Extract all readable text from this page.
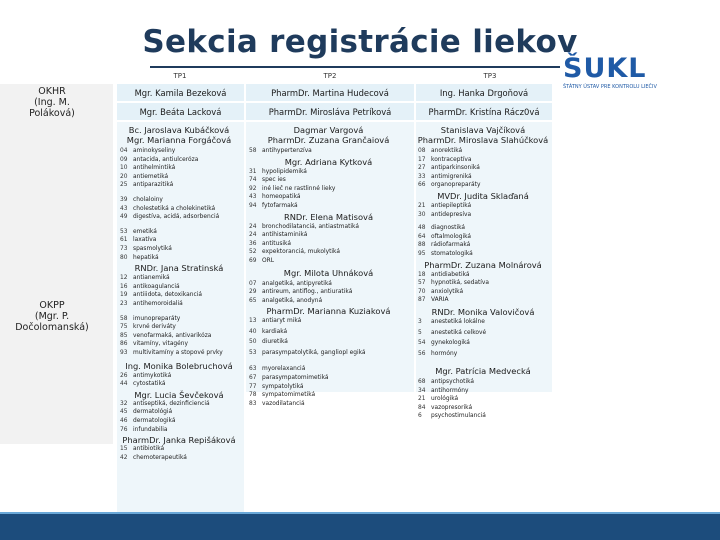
Sekcia registrácie liekov
ŠUKL
ŠTÁTNY ÚSTAV PRE KONTROLU LIEČIV
OKHR
(Ing. M.
Poláková)
OKPP
(Mgr. P.
Dočolomanská)
TP1	TP2	TP3
Mgr. Kamila Bezeková	PharmDr. Martina Hudecová	Ing. Hanka Drgoňová
Mgr. Beáta Lacková	PharmDr. Mirosláva Petríková	PharmDr. Kristína Rácz0vá
Bc. Jaroslava Kubáčková
Mgr. Marianna Forgáčová
04 aminokyseliny
09 antacida, antiulceróza
10 antihelmintiká
20 antiemetiká
25 antiparazitiká
39 cholaloiny
43 cholestetiká a cholekinetiká
49 digestíva, acidá, adsorbenciá
53 emetiká
61 laxatíva
73 spasmolytiká
80 hepatiká
RNDr. Jana Stratinská
12 antianemiká
16 antikoagulanciá
19 antiiidota, detoxikanciá
23 antihemoroidaliá
58 imunopreparáty
75 krvné deriváty
85 venofarmaká, antivarikóza
86 vitamíny, vitagény
93 multivitamíny a stopové prvky
Ing. Monika Bolebruchová
26 antimykotiká
44 cytostatiká
Mgr. Lucia Ševčeková
32 antiseptiká, dezinficienciá
45 dermatológiá
46 dermatologiká
76 infundabilia
PharmDr. Janka Repišáková
15 antibiotiká
42 chemoterapeutiká
Dagmar Vargová
PharmDr. Zuzana Grančaiová
58 antihypertenzíva
Mgr. Adriana Kytková
31 hypolipidemiká
74 spec ies
92 iné lieč ne rastlinné lieky
43 homeopatiká
94 fytofarmaká
RNDr. Elena Matisová
24 bronchodilatanciá, antiastmatiká
24 antihistaminiká
36 antitusiká
52 expektoranciá, mukolytiká
69 ORL
Mgr. Milota Uhnáková
07 analgetiká, antipyretiká
29 antireum, antiflog., antiuratiká
65 analgetiká, anodyná
PharmDr. Marianna Kuziaková
13 antiaryt miká
40 kardiaká
50 diuretiká
53 parasympatolytiká, gangliopl egiká
63 myorelaxanciá
67 parasympatomimetiká
77 sympatolytiká
78 sympatomimetiká
83 vazodilatanciá
Stanislava Vajčíková
PharmDr. Miroslava Slahúčková
08 anorektiká
17 kontraceptíva
27 antiparkinsoniká
33 antimigreniká
66 organopreparáty
MVDr. Judita Sklaďaná
21 antiepileptiká
30 antidepresíva
48 diagnostiká
64 oftalmologiká
88 rádiofarmaká
95 stomatologiká
PharmDr. Zuzana Molnárová
18 antidiabetiká
57 hypnotiká, sedatíva
70 anxiolytiká
87 VARIA
RNDr. Monika Valovičová
3 anestetiká lokálne
5 anestetiká celkové
54 gynekologiká
56 hormóny
Mgr. Patrícia Medvecká
68 antipsychotiká
34 antihormóny
21 urológiká
84 vazopresoriká
6 psychostimulanciá
